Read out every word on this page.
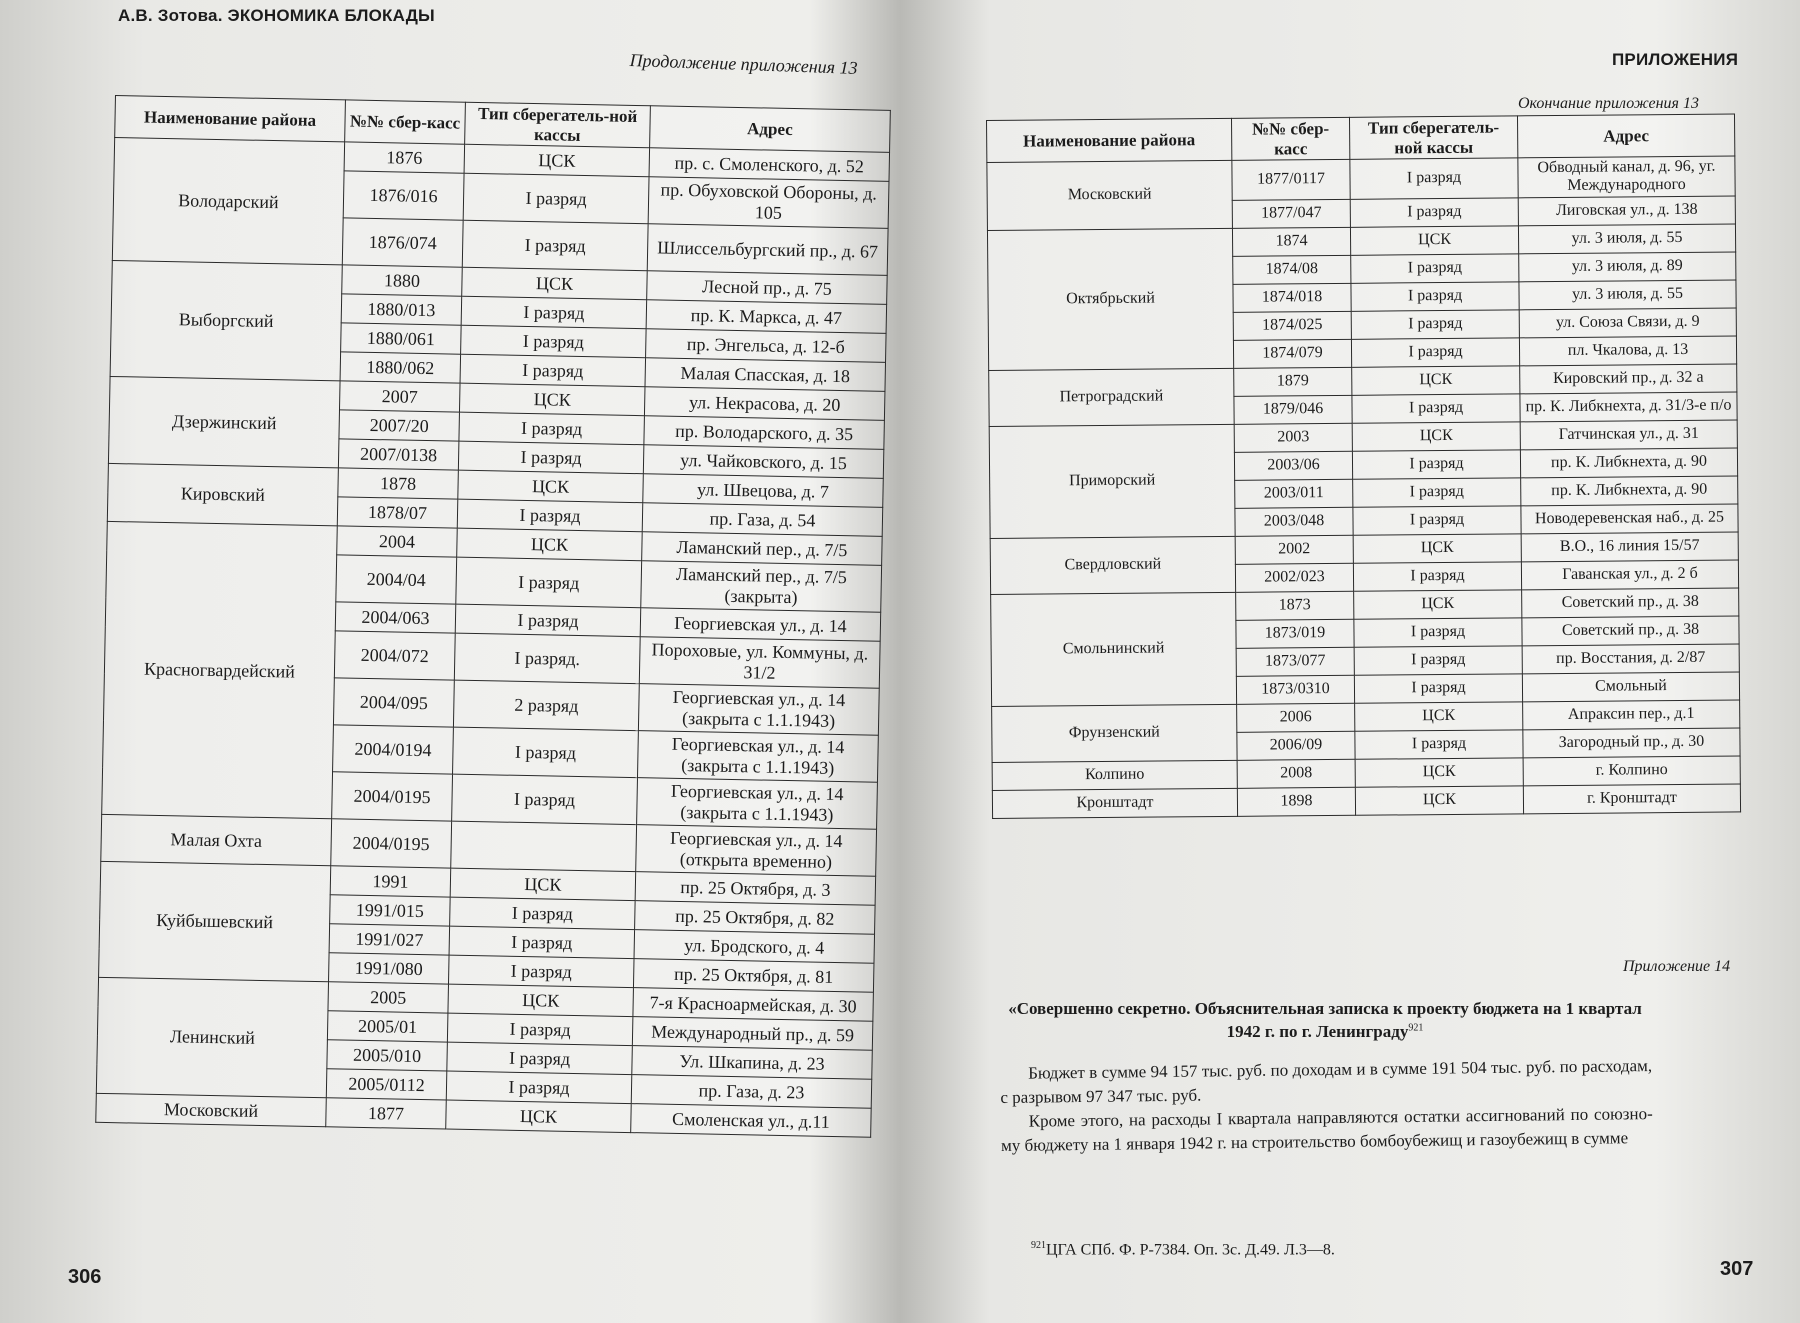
А.В. Зотова. ЭКОНОМИКА БЛОКАДЫ
Продолжение приложения 13
Наименование района	№№ сбер-касс	Тип сберегатель-ной кассы	Адрес
Володарский	1876	ЦСК	пр. с. Смоленского, д. 52
	1876/016	I разряд	пр. Обуховской Обороны, д. 105
	1876/074	I разряд	Шлиссельбургский пр., д. 67
Выборгский	1880	ЦСК	Лесной пр., д. 75
	1880/013	I разряд	пр. К. Маркса, д. 47
	1880/061	I разряд	пр. Энгельса, д. 12-б
	1880/062	I разряд	Малая Спасская, д. 18
Дзержинский	2007	ЦСК	ул. Некрасова, д. 20
	2007/20	I разряд	пр. Володарского, д. 35
	2007/0138	I разряд	ул. Чайковского, д. 15
Кировский	1878	ЦСК	ул. Швецова, д. 7
	1878/07	I разряд	пр. Газа, д. 54
Красногвардейский	2004	ЦСК	Ламанский пер., д. 7/5
	2004/04	I разряд	Ламанский пер., д. 7/5 (закрыта)
	2004/063	I разряд	Георгиевская ул., д. 14
	2004/072	I разряд.	Пороховые, ул. Коммуны, д. 31/2
	2004/095	2 разряд	Георгиевская ул., д. 14 (закрыта с 1.1.1943)
	2004/0194	I разряд	Георгиевская ул., д. 14 (закрыта с 1.1.1943)
	2004/0195	I разряд	Георгиевская ул., д. 14 (закрыта с 1.1.1943)
Малая Охта	2004/0195		Георгиевская ул., д. 14 (открыта временно)
Куйбышевский	1991	ЦСК	пр. 25 Октября, д. 3
	1991/015	I разряд	пр. 25 Октября, д. 82
	1991/027	I разряд	ул. Бродского, д. 4
	1991/080	I разряд	пр. 25 Октября, д. 81
Ленинский	2005	ЦСК	7-я Красноармейская, д. 30
	2005/01	I разряд	Международный пр., д. 59
	2005/010	I разряд	Ул. Шкапина, д. 23
	2005/0112	I разряд	пр. Газа, д. 23
Московский	1877	ЦСК	Смоленская ул., д.11
306
ПРИЛОЖЕНИЯ
Окончание приложения 13
Наименование района	№№ сбер-касс	Тип сберегатель-ной кассы	Адрес
Московский	1877/0117	I разряд	Обводный канал, д. 96, уг. Международного
	1877/047	I разряд	Лиговская ул., д. 138
Октябрьский	1874	ЦСК	ул. 3 июля, д. 55
	1874/08	I разряд	ул. 3 июля, д. 89
	1874/018	I разряд	ул. 3 июля, д. 55
	1874/025	I разряд	ул. Союза Связи, д. 9
	1874/079	I разряд	пл. Чкалова, д. 13
Петроградский	1879	ЦСК	Кировский пр., д. 32 а
	1879/046	I разряд	пр. К. Либкнехта, д. 31/3-е п/о
Приморский	2003	ЦСК	Гатчинская ул., д. 31
	2003/06	I разряд	пр. К. Либкнехта, д. 90
	2003/011	I разряд	пр. К. Либкнехта, д. 90
	2003/048	I разряд	Новодеревенская наб., д. 25
Свердловский	2002	ЦСК	В.О., 16 линия 15/57
	2002/023	I разряд	Гаванская ул., д. 2 б
Смольнинский	1873	ЦСК	Советский пр., д. 38
	1873/019	I разряд	Советский пр., д. 38
	1873/077	I разряд	пр. Восстания, д. 2/87
	1873/0310	I разряд	Смольный
Фрунзенский	2006	ЦСК	Апраксин пер., д.1
	2006/09	I разряд	Загородный пр., д. 30
Колпино	2008	ЦСК	г. Колпино
Кронштадт	1898	ЦСК	г. Кронштадт
Приложение 14
«Совершенно секретно. Объяснительная записка к проекту бюджета на 1 квартал 1942 г. по г. Ленинграду$^{921}$

Бюджет в сумме 94 157 тыс. руб. по доходам и в сумме 191 504 тыс. руб. по расходам, с разрывом 97 347 тыс. руб.

Кроме этого, на расходы I квартала направляются остатки ассигнований по союзно-му бюджету на 1 января 1942 г. на строительство бомбоубежищ и газоубежищ в сумме

$^{921}$ЦГА СПб. Ф. Р-7384. Оп. 3с. Д.49. Л.3—8.
307
